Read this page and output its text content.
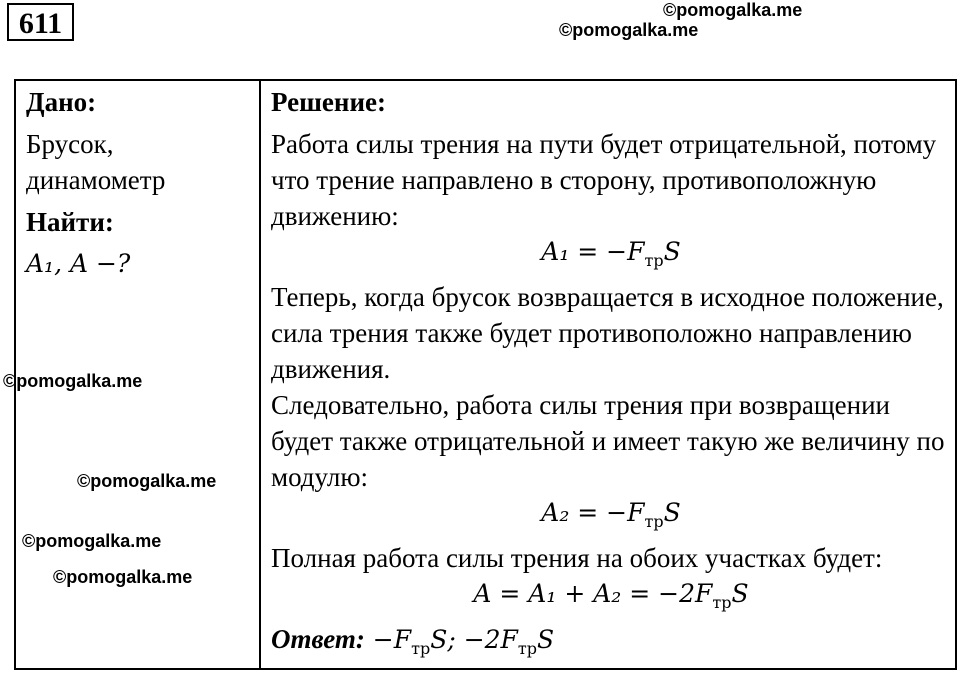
611	©pomogalka.me
©pomogalka.me
©pomogalka.me
©pomogalka.me
©pomogalka.me
©pomogalka.me
Дано:
Брусок, динамометр
Найти:
A₁, A −?
Решение:
Работа силы трения на пути будет отрицательной, потому что трение направлено в сторону, противоположную движению:
$A_1 = -F_{тр}S$
Теперь, когда брусок возвращается в исходное положение, сила трения также будет противоположно направлению движения.
Следовательно, работа силы трения при возвращении будет также отрицательной и имеет такую же величину по модулю:
$A_2 = -F_{тр}S$
Полная работа силы трения на обоих участках будет:
$A = A_1 + A_2 = -2F_{тр}S$
Ответ: $-F_{тр}S$; $-2F_{тр}S$
